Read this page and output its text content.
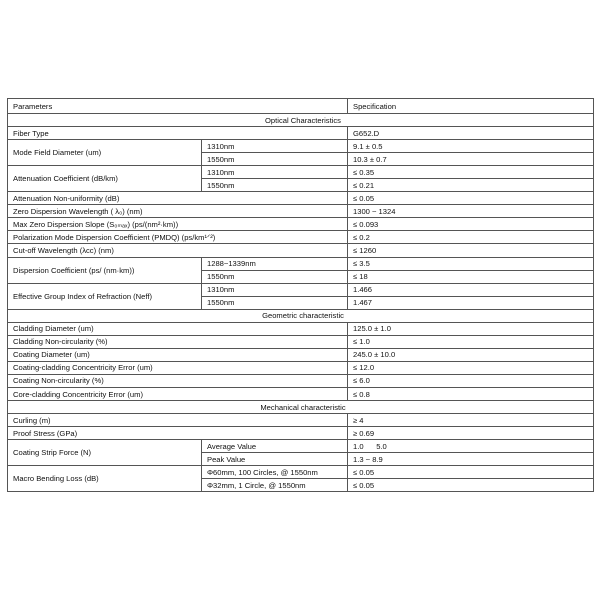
Parameters		Specification
Optical Characteristics		
Fiber Type		G652.D
Mode Field Diameter (um)	1310nm	9.1 ± 0.5
	1550nm	10.3 ± 0.7
Attenuation Coefficient (dB/km)	1310nm	≤ 0.35
	1550nm	≤ 0.21
Attenuation Non-uniformity (dB)		≤ 0.05
Zero Dispersion Wavelength ( λ₀) (nm)		1300 ~ 1324
Max Zero Dispersion Slope (S₀ₘₐₓ) (ps/(nm²·km))		≤ 0.093
Polarization Mode Dispersion Coefficient (PMDQ) (ps/km¹ᐟ²)		≤ 0.2
Cut-off Wavelength (λcc) (nm)		≤ 1260
Dispersion Coefficient (ps/ (nm·km))	1288~1339nm	≤ 3.5
	1550nm	≤ 18
Effective Group Index of Refraction (Neff)	1310nm	1.466
	1550nm	1.467
Geometric characteristic		
Cladding Diameter (um)		125.0 ± 1.0
Cladding Non-circularity (%)		≤ 1.0
Coating Diameter (um)		245.0 ± 10.0
Coating-cladding Concentricity Error (um)		≤ 12.0
Coating Non-circularity (%)		≤ 6.0
Core-cladding Concentricity Error (um)		≤ 0.8
Mechanical characteristic		
Curling (m)		≥ 4
Proof Stress (GPa)		≥ 0.69
Coating Strip Force (N)	Average Value	1.0      5.0
	Peak Value	1.3 ~ 8.9
Macro Bending Loss (dB)	Φ60mm, 100 Circles, @ 1550nm	≤ 0.05
	Φ32mm, 1 Circle, @ 1550nm	≤ 0.05
